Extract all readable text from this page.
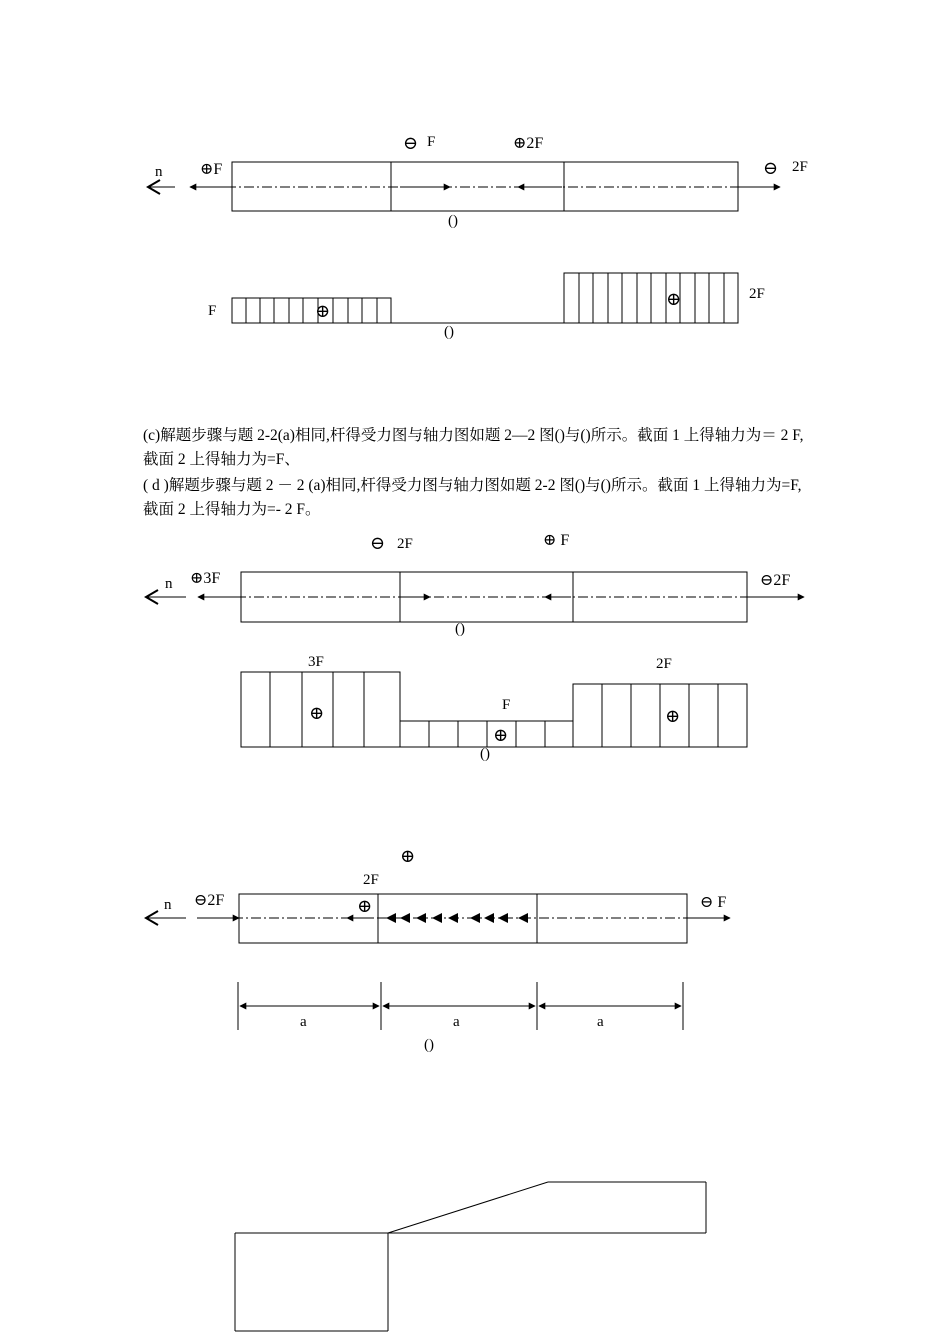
n ⊕F
⊖ F	⊕2F
⊖ 2F
()
F	⊕
2F
⊕
()

(c)解题步骤与题 2-2(a)相同,杆得受力图与轴力图如题 2—2 图()与()所示。截面 1 上得轴力为＝ 2 F,截面 2 上得轴力为=F、

( d )解题步骤与题 2 － 2 (a)相同,杆得受力图与轴力图如题 2-2 图()与()所示。截面 1 上得轴力为=F,截面 2 上得轴力为=- 2 F。

⊖ 2F	⊕ F
n ⊕3F	⊖2F
()
3F
⊕	F
⊕
2F
⊕
()
⊕
2F
n ⊖2F	⊕	⊖ F
a	a	a
()
